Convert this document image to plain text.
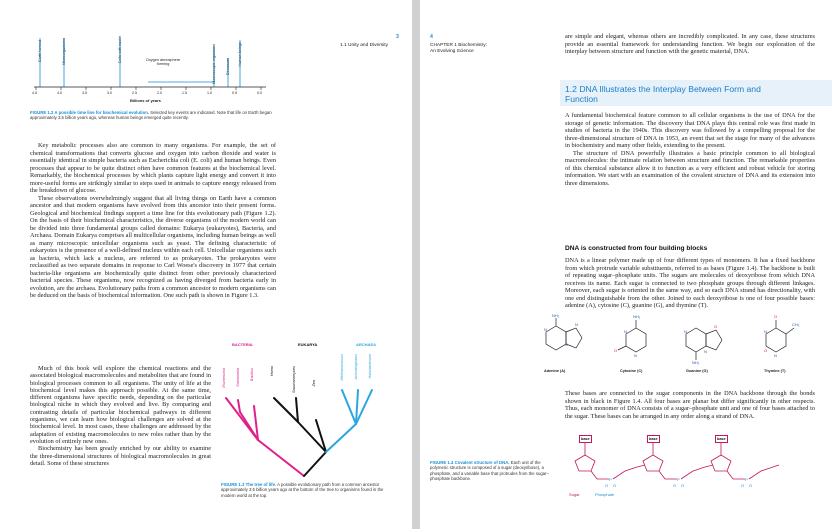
3
1.1 Unity and Diversity
Earth formed	Microorganisms	Cells with nuclei	Oxygen atmosphere forming	Macroscopic organisms	Dinosaurs
Human beings
4.5	4.0	3.5	3.0	2.5	2.0	1.5	1.0	0.5	0.0
Billions of years
FIGURE 1.2 A possible time line for biochemical evolution. Selected key events are indicated. Note that life on Earth began approximately 3.5 billion years ago, whereas human beings emerged quite recently.

Key metabolic processes also are common to many organisms. For example, the set of chemical transformations that converts glucose and oxygen into carbon dioxide and water is essentially identical in simple bacteria such as Escherichia coli (E. coli) and human beings. Even processes that appear to be quite distinct often have common features at the biochemical level. Remarkably, the biochemical processes by which plants capture light energy and convert it into more-useful forms are strikingly similar to steps used in animals to capture energy released from the breakdown of glucose.

These observations overwhelmingly suggest that all living things on Earth have a common ancestor and that modern organisms have evolved from this ancestor into their present forms. Geological and biochemical findings support a time line for this evolutionary path (Figure 1.2). On the basis of their biochemical characteristics, the diverse organisms of the modern world can be divided into three fundamental groups called domains: Eukarya (eukaryotes), Bacteria, and Archaea. Domain Eukarya comprises all multicellular organisms, including human beings as well as many microscopic unicellular organisms such as yeast. The defining characteristic of eukaryotes is the presence of a well-defined nucleus within each cell. Unicellular organisms such as bacteria, which lack a nucleus, are referred to as prokaryotes. The prokaryotes were reclassified as two separate domains in response to Carl Woese's discovery in 1977 that certain bacteria-like organisms are biochemically quite distinct from other previously characterized bacterial species. These organisms, now recognized as having diverged from bacteria early in evolution, are the archaea. Evolutionary paths from a common ancestor to modern organisms can be deduced on the basis of biochemical information. One such path is shown in Figure 1.3.

Much of this book will explore the chemical reactions and the associated biological macromolecules and metabolites that are found in biological processes common to all organisms. The unity of life at the biochemical level makes this approach possible. At the same time, different organisms have specific needs, depending on the particular biological niche in which they evolved and live. By comparing and contrasting details of particular biochemical pathways in different organisms, we can learn how biological challenges are solved at the biochemical level. In most cases, these challenges are addressed by the adaptation of existing macromolecules to new roles rather than by the evolution of entirely new ones.

Biochemistry has been greatly enriched by our ability to examine the three-dimensional structures of biological macromolecules in great detail. Some of these structures

BACTERIA	EUKARYA	ARCHAEA
Escherichia	Salmonella	Bacillus	Homo	Saccharomyces	Zea
Methanococcus	Archaeoglobus	Halobacterium
FIGURE 1.3 The tree of life. A possible evolutionary path from a common ancestor approximately 3.5 billion years ago at the bottom of the tree to organisms found in the modern world at the top.
4
CHAPTER 1 Biochemistry:
An Evolving Science

are simple and elegant, whereas others are incredibly complicated. In any case, these structures provide an essential framework for understanding function. We begin our exploration of the interplay between structure and function with the genetic material, DNA.

1.2 DNA Illustrates the Interplay Between Form and Function

A fundamental biochemical feature common to all cellular organisms is the use of DNA for the storage of genetic information. The discovery that DNA plays this central role was first made in studies of bacteria in the 1940s. This discovery was followed by a compelling proposal for the three-dimensional structure of DNA in 1953, an event that set the stage for many of the advances in biochemistry and many other fields, extending to the present.

The structure of DNA powerfully illustrates a basic principle common to all biological macromolecules: the intimate relation between structure and function. The remarkable properties of this chemical substance allow it to function as a very efficient and robust vehicle for storing information. We start with an examination of the covalent structure of DNA and its extension into three dimensions.

DNA is constructed from four building blocks

DNA is a linear polymer made up of four different types of monomers. It has a fixed backbone from which protrude variable substituents, referred to as bases (Figure 1.4). The backbone is built of repeating sugar–phosphate units. The sugars are molecules of deoxyribose from which DNA receives its name. Each sugar is connected to two phosphate groups through different linkages. Moreover, each sugar is oriented in the same way, and so each DNA strand has directionality, with one end distinguishable from the other. Joined to each deoxyribose is one of four possible bases: adenine (A), cytosine (C), guanine (G), and thymine (T).

N
N
N
NH₂
N
NH₂
N
N
N
NH₂
N
N
CH₃
O	O
O
O
Adenine (A)	Cytosine (C)	Guanine (G)	Thymine (T)

These bases are connected to the sugar components in the DNA backbone through the bonds shown in black in Figure 1.4. All four bases are planar but differ significantly in other respects. Thus, each monomer of DNA consists of a sugar–phosphate unit and one of four bases attached to the sugar. These bases can be arranged in any order along a strand of DNA.

FIGURE 1.4 Covalent structure of DNA. Each unit of the polymeric structure is composed of a sugar (deoxyribose), a phosphate, and a variable base that protrudes from the sugar–phosphate backbone.
base	base	base
P	P	P
O O	O O	O O
Sugar	Phosphate
